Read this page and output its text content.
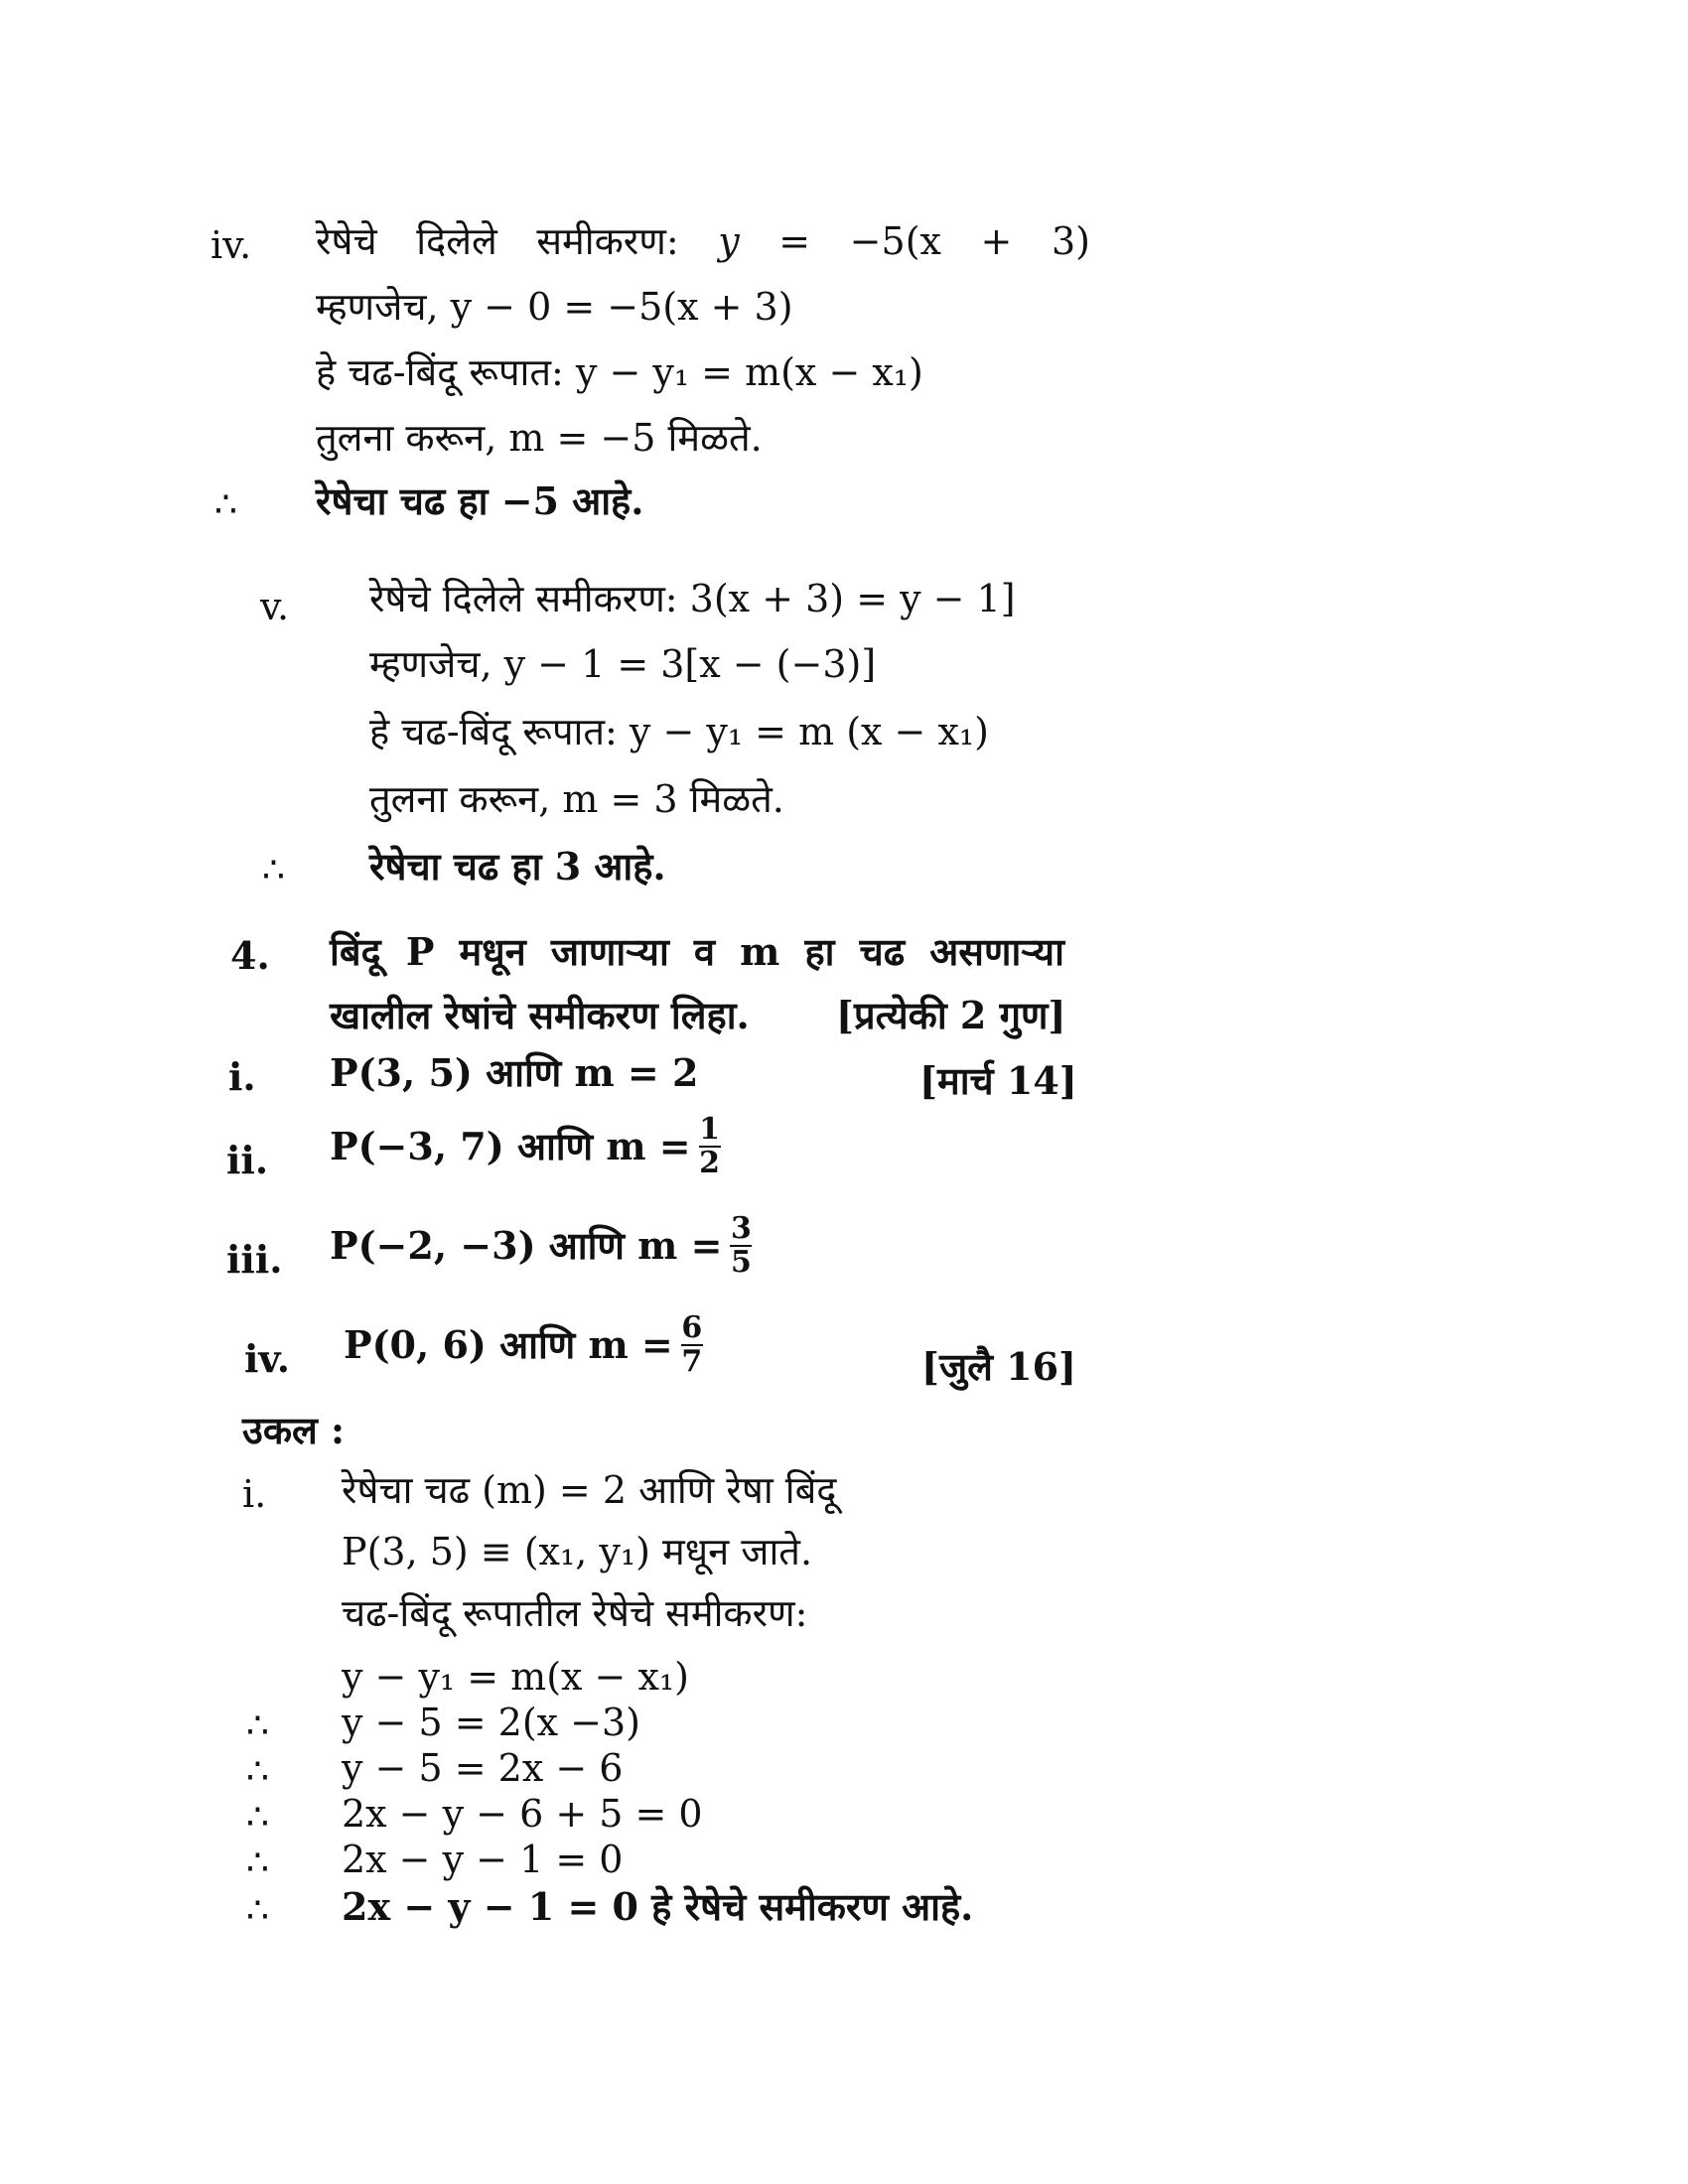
iv. रेषेचे दिलेले समीकरण: y = −5(x + 3)
म्हणजेच, y − 0 = −5(x + 3)
हे चढ-बिंदू रूपात: y − y₁ = m(x − x₁)
तुलना करून, m = −5 मिळते.
∴ रेषेचा चढ हा −5 आहे.
v. रेषेचे दिलेले समीकरण: 3(x + 3) = y − 1]
म्हणजेच, y − 1 = 3[x − (−3)]
हे चढ-बिंदू रूपात: y − y₁ = m (x − x₁)
तुलना करून, m = 3 मिळते.
∴ रेषेचा चढ हा 3 आहे.
4. बिंदू P मधून जाणाऱ्या व m हा चढ असणाऱ्या
खालील रेषांचे समीकरण लिहा. [प्रत्येकी 2 गुण]
i. P(3, 5) आणि m = 2	[मार्च 14]
ii. P(−3, 7) आणि $m = \frac{1}{2}$
iii. P(−2, −3) आणि $m = \frac{3}{5}$
iv. P(0, 6) आणि $m = \frac{6}{7}$	[जुलै 16]
उकल :
i. रेषेचा चढ (m) = 2 आणि रेषा बिंदू
P(3, 5) ≡ (x₁, y₁) मधून जाते.
चढ-बिंदू रूपातील रेषेचे समीकरण:
y − y₁ = m(x − x₁)
∴ y − 5 = 2(x −3)
∴ y − 5 = 2x − 6
∴ 2x − y − 6 + 5 = 0
∴ 2x − y − 1 = 0
∴ 2x − y − 1 = 0 हे रेषेचे समीकरण आहे.
